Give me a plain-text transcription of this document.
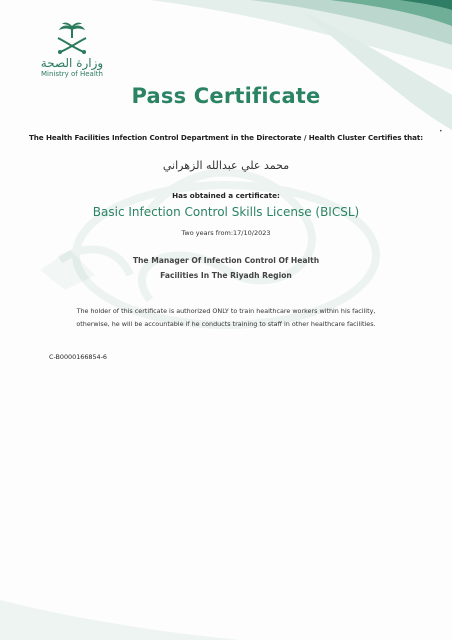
وزارة الصحة
Ministry of Health
Pass Certificate
The Health Facilities Infection Control Department in the Directorate / Health Cluster Certifies that:
•
محمد علي عبدالله الزهراني
Has obtained a certificate:
Basic Infection Control Skills License (BICSL)
Two years from:17/10/2023
The Manager Of Infection Control Of Health
Facilities In The Riyadh Region
The holder of this certificate is authorized ONLY to train healthcare workers within his facility,
otherwise, he will be accountable if he conducts training to staff in other healthcare facilities.
C-B0000166854-6
